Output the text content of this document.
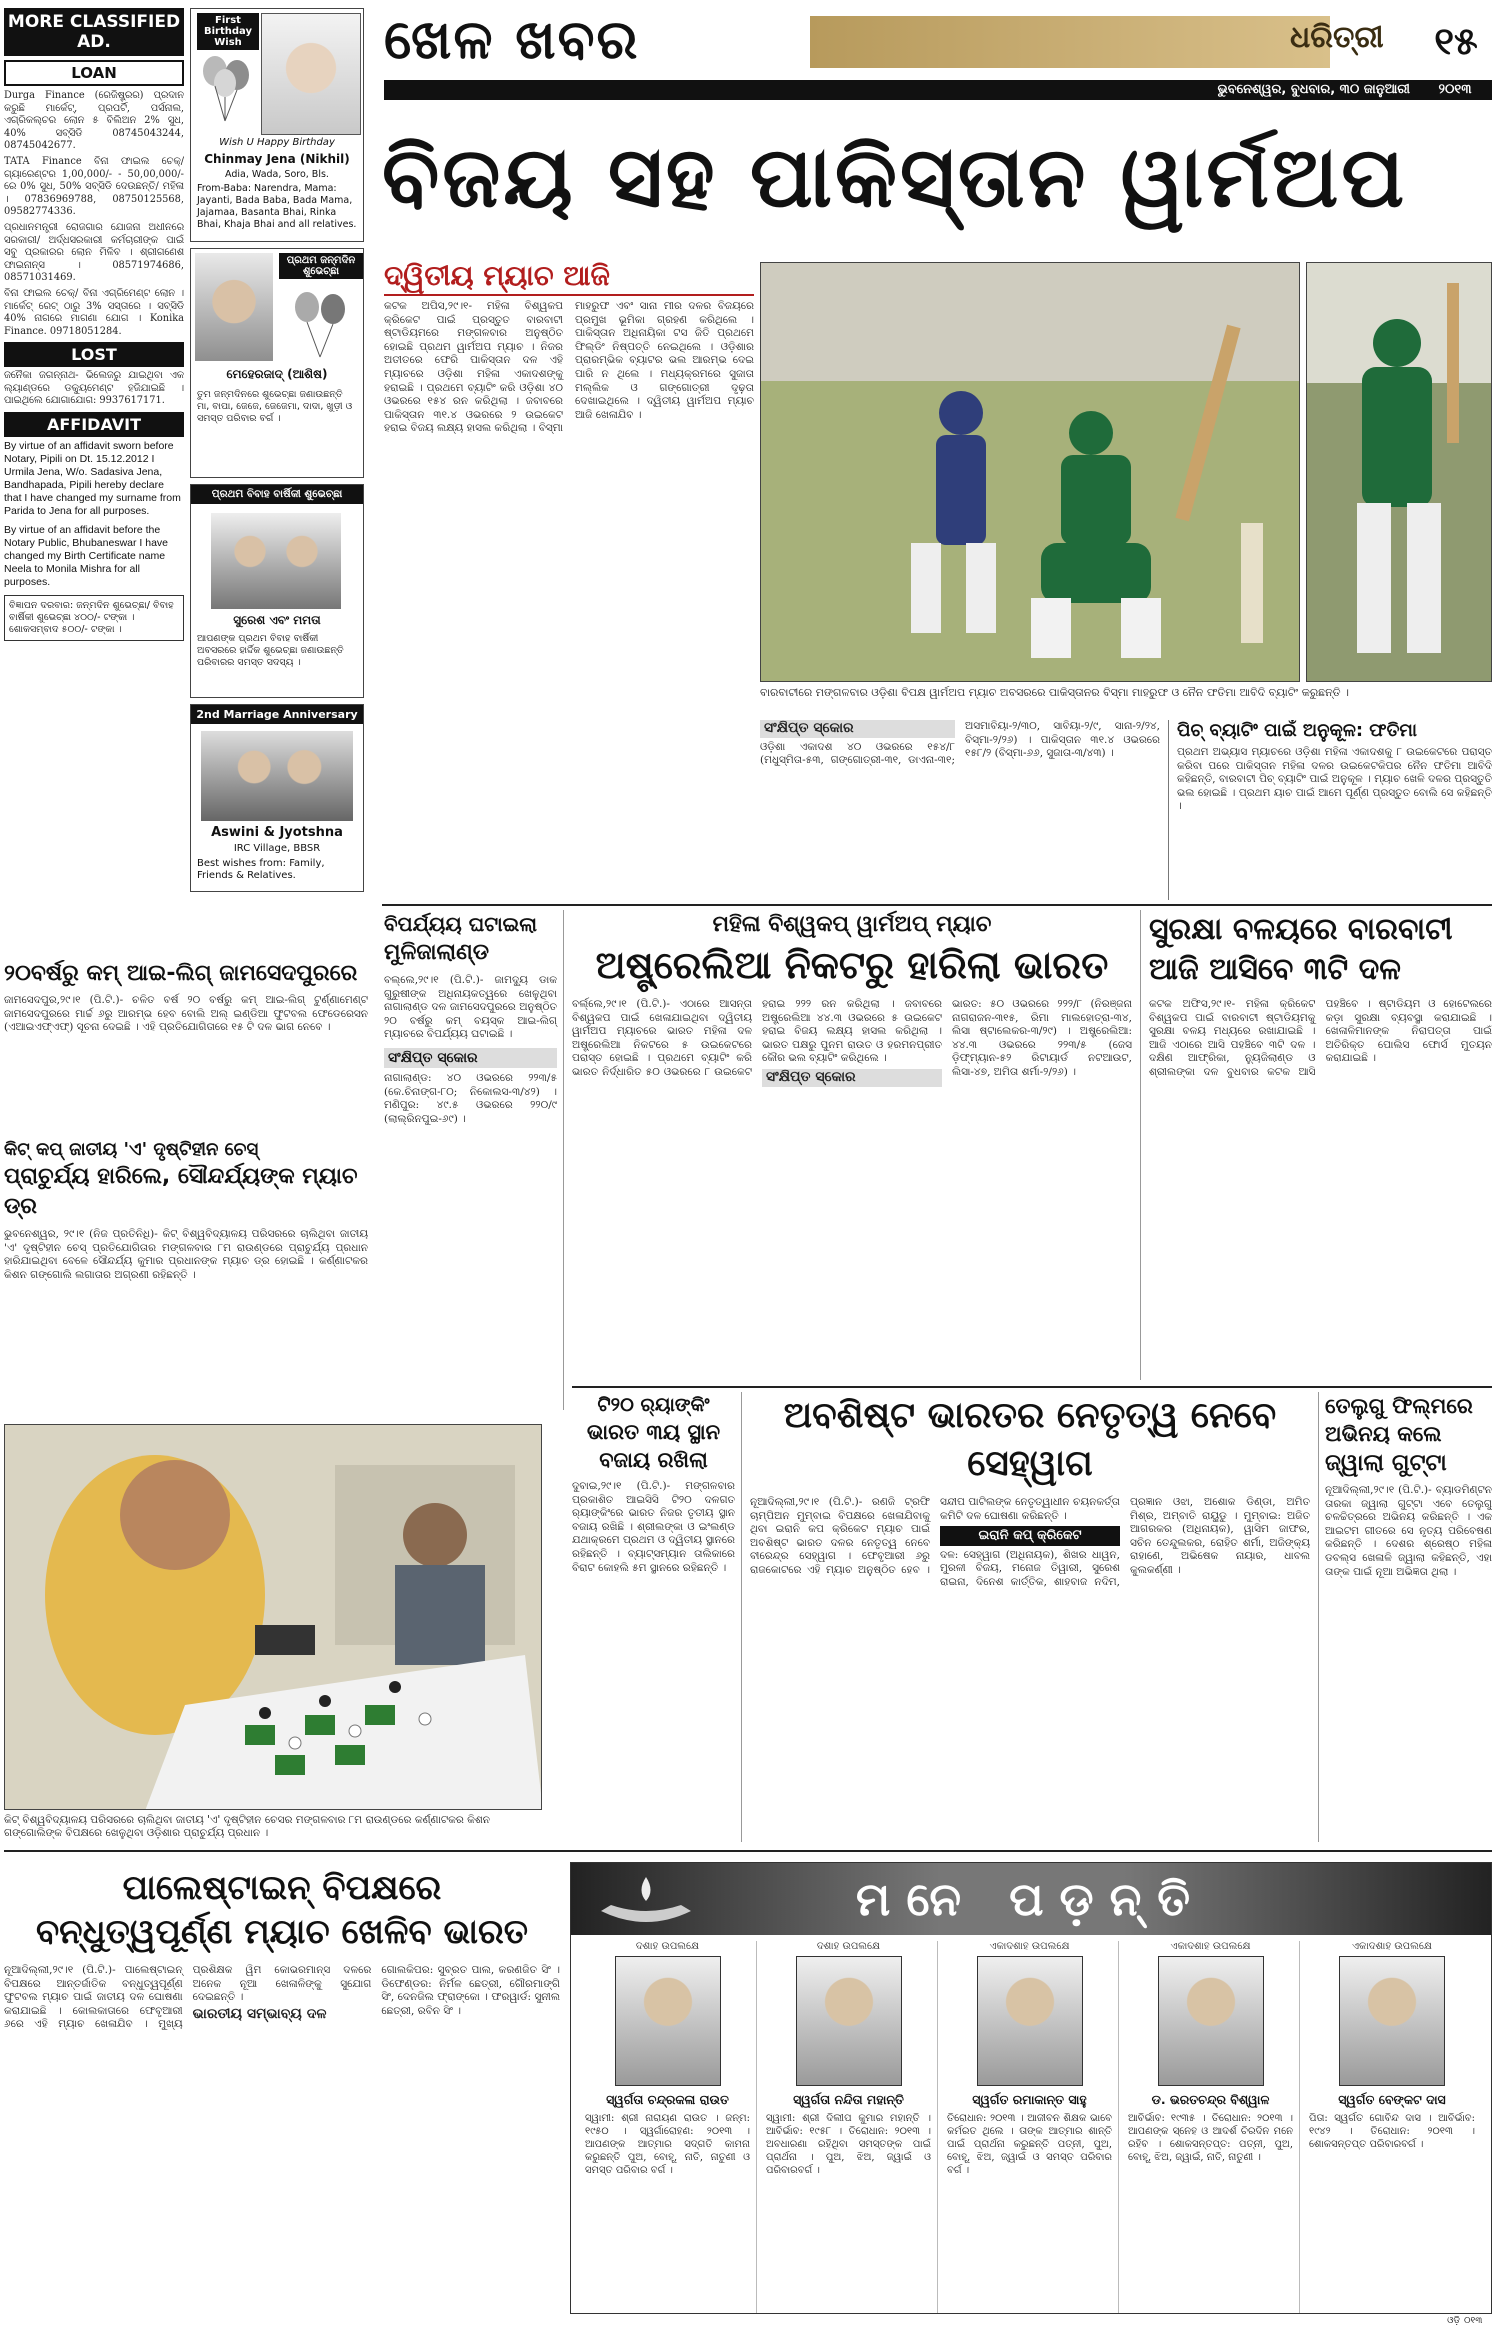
MORE CLASSIFIED AD.
LOAN

Durga Finance (ରେଜିଷ୍ଟ୍ରର) ପ୍ରଦାନ କରୁଛି ମାର୍କେଟ୍, ପ୍ରପର୍ଟି, ପର୍ସନାଲ, ଏଗ୍ରିକଲ୍ଚର ଲୋନ ୫ ବିଲିଅନ 2% ସୁଧ, 40% ସବ୍‌ସିଡି 08745043244, 08745042677.

TATA Finance ବିନା ଫାଇଲ ଚେକ୍/ ଗ୍ୟାରେଣ୍ଟର 1,00,000/- - 50,00,000/- ରେ 0% ସୁଧ, 50% ସବ୍‌ସିଡି ଦେଉଛନ୍ତି/ ମହିଳା । 07836969788, 08750125568, 09582774336.

ପ୍ରଧାନମନ୍ତ୍ରୀ ରୋଜଗାର ଯୋଜନା ଅଧୀନରେ ସରକାରୀ/ ଅର୍ଦ୍ଧସରକାରୀ କର୍ମଚାରୀଙ୍କ ପାଇଁ ସବୁ ପ୍ରକାରର ଲୋନ ମିଳିବ । ଶ୍ରୀଗଣେଶ ଫାଇନାନ୍ସ । 08571974686, 08571031469.

ବିନା ଫାଇଲ ଚେକ୍/ ବିନା ଏଗ୍ରିମେଣ୍ଟ ଲୋନ । ମାର୍କେଟ୍ ରେଟ୍ ଠାରୁ 3% ସସ୍ତାରେ । ସବ୍‌ସିଡି 40% ନାଗରେ ମାଗଣା ଯୋଗ । Konika Finance. 09718051284.

LOST

ଜନୈକା ଜଗନ୍ନାଥ- ଭିଲେଜରୁ ଯାଇଥିବା ଏକ ଲ୍ୟାଣ୍ଡରେ ଡକ୍ୟୁମେଣ୍ଟ ହଜିଯାଇଛି । ପାଇଥିଲେ ଯୋଗାଯୋଗ: 9937617171.

AFFIDAVIT

By virtue of an affidavit sworn before Notary, Pipili on Dt. 15.12.2012 I Urmila Jena, W/o. Sadasiva Jena, Bandhapada, Pipili hereby declare that I have changed my surname from Parida to Jena for all purposes.

By virtue of an affidavit before the Notary Public, Bhubaneswar I have changed my Birth Certificate name Neela to Monila Mishra for all purposes.

ବିଜ୍ଞାପନ ଦରବାର: ଜନ୍ମଦିନ ଶୁଭେଚ୍ଛା/ ବିବାହ ବାର୍ଷିକୀ ଶୁଭେଚ୍ଛା ୪୦୦/- ଟଙ୍କା । ଶୋକସମ୍ବାଦ ୫୦୦/- ଟଙ୍କା ।
First Birthday Wish
Wish U Happy Birthday
Chinmay Jena (Nikhil)
Adia, Wada, Soro, Bls.
From-Baba: Narendra, Mama: Jayanti, Bada Baba, Bada Mama, Jajamaa, Basanta Bhai, Rinka Bhai, Khaja Bhai and all relatives.
ପ୍ରଥମ ଜନ୍ମଦିନ ଶୁଭେଚ୍ଛା
ମେହେରଜାଦ୍ (ଆଶିଷ)
ତୁମ ଜନ୍ମଦିନରେ ଶୁଭେଚ୍ଛା ଜଣାଉଛନ୍ତି ମା, ବାପା, ଜେଜେ, ଜେଜେମା, ଦାଦା, ଖୁଡ଼ୀ ଓ ସମସ୍ତ ପରିବାର ବର୍ଗ ।
ପ୍ରଥମ ବିବାହ ବାର୍ଷିକୀ ଶୁଭେଚ୍ଛା
ସୁରେଶ ଏବଂ ମମତା
ଆପଣଙ୍କ ପ୍ରଥମ ବିବାହ ବାର୍ଷିକୀ ଅବସରରେ ହାର୍ଦ୍ଦିକ ଶୁଭେଚ୍ଛା ଜଣାଉଛନ୍ତି ପରିବାରର ସମସ୍ତ ସଦସ୍ୟ ।
2nd Marriage Anniversary
Aswini & Jyotshna
IRC Village, BBSR
Best wishes from: Family, Friends & Relatives.
ଖେଳ ଖବର	ଧରିତ୍ରୀ	୧୫
ଭୁବନେଶ୍ୱର, ବୁଧବାର, ୩୦ ଜାନୁଆରୀ	୨୦୧୩
ବିଜୟ ସହ ପାକିସ୍ତାନ ୱାର୍ମଅପ
ଦ୍ୱିତୀୟ ମ୍ୟାଚ ଆଜି

କଟକ ଅପିସ,୨୯।୧- ମହିଳା ବିଶ୍ୱକପ କ୍ରିକେଟ ପାଇଁ ପ୍ରସ୍ତୁତ ବାରବାଟୀ ଷ୍ଟାଡିୟମରେ ମଙ୍ଗଳବାର ଅନୁଷ୍ଠିତ ହୋଇଛି ପ୍ରଥମ ୱାର୍ମଅପ ମ୍ୟାଚ । ନିଜର ଅତୀତରେ ଫେରି ପାକିସ୍ତାନ ଦଳ ଏହି ମ୍ୟାଚରେ ଓଡ଼ିଶା ମହିଳା ଏକାଦଶଙ୍କୁ ହରାଇଛି । ପ୍ରଥମେ ବ୍ୟାଟିଂ କରି ଓଡ଼ିଶା ୪୦ ଓଭରରେ ୧୫୪ ରନ କରିଥିଲା । ଜବାବରେ ପାକିସ୍ତାନ ୩୧.୪ ଓଭରରେ ୨ ଉଇକେଟ ହରାଇ ବିଜୟ ଲକ୍ଷ୍ୟ ହାସଲ କରିଥିଲା । ବିସ୍ମା ମାହରୁଫ ଏବଂ ସାନା ମୀର ଦଳର ବିଜୟରେ ପ୍ରମୁଖ ଭୂମିକା ଗ୍ରହଣ କରିଥିଲେ । ପାକିସ୍ତାନ ଅଧିନାୟିକା ଟସ ଜିତି ପ୍ରଥମେ ଫିଲ୍ଡିଂ ନିଷ୍ପତ୍ତି ନେଇଥିଲେ । ଓଡ଼ିଶାର ପ୍ରାରମ୍ଭିକ ବ୍ୟାଟର ଭଲ ଆରମ୍ଭ ଦେଇ ପାରି ନ ଥିଲେ । ମଧ୍ୟକ୍ରମରେ ସୁଜାତା ମଲ୍ଲିକ ଓ ଗଙ୍ଗୋତ୍ରୀ ଦୃଢ଼ତା ଦେଖାଇଥିଲେ । ଦ୍ୱିତୀୟ ୱାର୍ମଅପ ମ୍ୟାଚ ଆଜି ଖେଳାଯିବ ।

ବାରବାଟୀରେ ମଙ୍ଗଳବାର ଓଡ଼ିଶା ବିପକ୍ଷ ୱାର୍ମଅପ ମ୍ୟାଚ ଅବସରରେ ପାକିସ୍ତାନର ବିସ୍ମା ମାହରୁଫ ଓ ନୈନ ଫତିମା ଆବିଦି ବ୍ୟାଟିଂ କରୁଛନ୍ତି ।

ସଂକ୍ଷିପ୍ତ ସ୍କୋର

ଓଡ଼ିଶା ଏକାଦଶ ୪୦ ଓଭରରେ ୧୫୪/୮ (ମଧୁସ୍ମିତା-୫୩, ଗଙ୍ଗୋତ୍ରୀ-୩୧, ଡାଏନା-୩୧; ଅସମାବିୟା-୨/୩୦, ସାବିୟା-୨/୯, ସାନା-୨/୨୪, ବିସ୍ମା-୨/୨୬) । ପାକିସ୍ତାନ ୩୧.୪ ଓଭରରେ ୧୫୮/୨ (ବିସ୍ମା-୬୬, ସୁଜାତା-୩/୪୩) ।

ପିଚ୍ ବ୍ୟାଟିଂ ପାଇଁ ଅନୁକୂଳ: ଫତିମା
ପ୍ରଥମ ଅଭ୍ୟାସ ମ୍ୟାଚରେ ଓଡ଼ିଶା ମହିଳା ଏକାଦଶକୁ ୮ ଉଇକେଟରେ ପରାସ୍ତ କରିବା ପରେ ପାକିସ୍ତାନ ମହିଳା ଦଳର ଉଇକେଟକିପର ନୈନ ଫତିମା ଆବିଦି କହିଛନ୍ତି, ବାରବାଟୀ ପିଚ୍ ବ୍ୟାଟିଂ ପାଇଁ ଅନୁକୂଳ । ମ୍ୟାଚ ଖେଳି ଦଳର ପ୍ରସ୍ତୁତି ଭଲ ହୋଇଛି । ପ୍ରଥମ ୟାଚ ପାଇଁ ଆମେ ପୂର୍ଣ୍ଣ ପ୍ରସ୍ତୁତ ବୋଲି ସେ କହିଛନ୍ତି ।
୨୦ବର୍ଷରୁ କମ୍ ଆଇ-ଲିଗ୍ ଜାମସେଦପୁରରେ
ଜାମସେଦପୁର,୨୯।୧ (ପି.ଟି.)- ଚଳିତ ବର୍ଷ ୨୦ ବର୍ଷରୁ କମ୍ ଆଇ-ଲିଗ୍ ଟୁର୍ଣ୍ଣାମେଣ୍ଟ ଜାମସେଦପୁରରେ ମାର୍ଚ୍ଚ ୬ରୁ ଆରମ୍ଭ ହେବ ବୋଲି ଅଲ୍ ଇଣ୍ଡିଆ ଫୁଟବଲ ଫେଡେରେସନ (ଏଆଇଏଫ୍ଏଫ୍) ସୂଚନା ଦେଇଛି । ଏହି ପ୍ରତିଯୋଗିତାରେ ୧୫ ଟି ଦଳ ଭାଗ ନେବେ ।
କିଟ୍ କପ୍ ଜାତୀୟ 'ଏ' ଦୃଷ୍ଟିହୀନ ଚେସ୍
ପ୍ରାଚୁର୍ଯ୍ୟ ହାରିଲେ, ସୌନ୍ଦର୍ଯ୍ୟଙ୍କ ମ୍ୟାଚ ଡ୍ର
ଭୁବନେଶ୍ୱର, ୨୯।୧ (ନିଜ ପ୍ରତିନିଧି)- କିଟ୍ ବିଶ୍ୱବିଦ୍ୟାଳୟ ପରିସରରେ ଚାଲିଥିବା ଜାତୀୟ 'ଏ' ଦୃଷ୍ଟିହୀନ ଚେସ୍ ପ୍ରତିଯୋଗିତାର ମଙ୍ଗଳବାର ୮ମ ରାଉଣ୍ଡରେ ପ୍ରାଚୁର୍ଯ୍ୟ ପ୍ରଧାନ ହାରିଯାଇଥିବା ବେଳେ ସୌନ୍ଦର୍ଯ୍ୟ କୁମାର ପ୍ରଧାନଙ୍କ ମ୍ୟାଚ ଡ୍ର ହୋଇଛି । କର୍ଣ୍ଣାଟକର କିଶନ ଗଙ୍ଗୋଲି ଲଗାତାର ଅଗ୍ରଣୀ ରହିଛନ୍ତି ।
କିଟ୍ ବିଶ୍ୱବିଦ୍ୟାଳୟ ପରିସରରେ ଚାଲିଥିବା ଜାତୀୟ 'ଏ' ଦୃଷ୍ଟିହୀନ ଚେସର ମଙ୍ଗଳବାର ୮ମ ରାଉଣ୍ଡରେ କର୍ଣ୍ଣାଟକର କିଶନ ଗଙ୍ଗୋଲିଙ୍କ ବିପକ୍ଷରେ ଖେଳୁଥିବା ଓଡ଼ିଶାର ପ୍ରାଚୁର୍ଯ୍ୟ ପ୍ରଧାନ ।
ବିପର୍ଯ୍ୟୟ ଘଟାଇଲା
ମୁଳିଜାଲାଣ୍ଡ
ବଲ୍ଲେ,୨୯।୧ (ପି.ଟି.)- ଜାମଦ୍ୟୁ ଡାକ ଗୁରୁଷୀଙ୍କ ଅଧିନାୟକତ୍ୱରେ ଖେଳୁଥିବା ନାଗାଲାଣ୍ଡ ଦଳ ଜାମସେଦପୁରରେ ଅନୁଷ୍ଠିତ ୨୦ ବର୍ଷରୁ କମ୍ ବୟସ୍କ ଆଇ-ଲିଗ୍ ମ୍ୟାଚରେ ବିପର୍ଯ୍ୟୟ ଘଟାଇଛି ।
ସଂକ୍ଷିପ୍ତ ସ୍କୋର
ନାଗାଲାଣ୍ଡ: ୪୦ ଓଭରରେ ୨୨୩/୫ (କେ.ଚିନାଙ୍ଗ-୮୦; ନିକୋଲସ-୩/୪୨) । ମଣିପୁର: ୪୯.୫ ଓଭରରେ ୨୨୦/୯ (ଲାଲ୍ରିନପୁଇ-୬୯) ।
ମହିଳା ବିଶ୍ୱକପ୍ ୱାର୍ମଅପ୍ ମ୍ୟାଚ
ଅଷ୍ଟ୍ରେଲିଆ ନିକଟରୁ ହାରିଲା ଭାରତ

ବର୍ଲ୍ଲେ,୨୯।୧ (ପି.ଟି.)- ଏଠାରେ ଆସନ୍ତା ବିଶ୍ୱକପ ପାଇଁ ଖେଳାଯାଇଥିବା ଦ୍ୱିତୀୟ ୱାର୍ମଅପ ମ୍ୟାଚରେ ଭାରତ ମହିଳା ଦଳ ଅଷ୍ଟ୍ରେଲିଆ ନିକଟରେ ୫ ଉଇକେଟରେ ପରାସ୍ତ ହୋଇଛି । ପ୍ରଥମେ ବ୍ୟାଟିଂ କରି ଭାରତ ନିର୍ଦ୍ଧାରିତ ୫୦ ଓଭରରେ ୮ ଉଇକେଟ ହରାଇ ୨୨୨ ରନ କରିଥିଲା । ଜବାବରେ ଅଷ୍ଟ୍ରେଲିଆ ୪୪.୩ ଓଭରରେ ୫ ଉଇକେଟ ହରାଇ ବିଜୟ ଲକ୍ଷ୍ୟ ହାସଲ କରିଥିଲା । ଭାରତ ପକ୍ଷରୁ ପୁନମ ରାଉତ ଓ ହରମନପ୍ରୀତ କୌର ଭଲ ବ୍ୟାଟିଂ କରିଥିଲେ ।

ସଂକ୍ଷିପ୍ତ ସ୍କୋର

ଭାରତ: ୫୦ ଓଭରରେ ୨୨୨/୮ (ନିରଞ୍ଜନା ନାଗରାଜନ-୩୧୫, ରିମା ମାଲହୋତ୍ରା-୩୪, ଲିସା ଷ୍ଟାଲେକର-୩/୨୯) । ଅଷ୍ଟ୍ରେଲିଆ: ୪୪.୩ ଓଭରରେ ୨୨୩/୫ (ଜେସ ଡ଼ିଫ୍‌ମ୍ୟାନ-୫୨ ରିଟାୟାର୍ଡ ନଟଆଉଟ, ଲିସା-୪୭, ଅମିତା ଶର୍ମା-୨/୨୬) ।

ସୁରକ୍ଷା ବଳୟରେ ବାରବାଟୀ
ଆଜି ଆସିବେ ୩ଟି ଦଳ
କଟକ ଅଫିସ,୨୯।୧- ମହିଳା କ୍ରିକେଟ ବିଶ୍ୱକପ ପାଇଁ ବାରବାଟୀ ଷ୍ଟାଡିୟମକୁ ସୁରକ୍ଷା ବଳୟ ମଧ୍ୟରେ ରଖାଯାଇଛି । ଆଜି ଏଠାରେ ଆସି ପହଞ୍ଚିବେ ୩ଟି ଦଳ । ଦକ୍ଷିଣ ଆଫ୍ରିକା, ନ୍ୟୁଜିଲାଣ୍ଡ ଓ ଶ୍ରୀଲଙ୍କା ଦଳ ବୁଧବାର କଟକ ଆସି ପହଞ୍ଚିବେ । ଷ୍ଟାଡିୟମ ଓ ହୋଟେଲରେ କଡ଼ା ସୁରକ୍ଷା ବ୍ୟବସ୍ଥା କରାଯାଇଛି । ଖେଳାଳିମାନଙ୍କ ନିରାପତ୍ତା ପାଇଁ ଅତିରିକ୍ତ ପୋଲିସ ଫୋର୍ସ ମୁତୟନ କରାଯାଇଛି ।
ଟି୨୦ ର‌୍ୟାଙ୍କିଂ
ଭାରତ ୩ୟ ସ୍ଥାନ
ବଜାୟ ରଖିଲା
ଦୁବାଇ,୨୯।୧ (ପି.ଟି.)- ମଙ୍ଗଳବାର ପ୍ରକାଶିତ ଆଇସିସି ଟି୨୦ ଦଳଗତ ର‌୍ୟାଙ୍କିଂରେ ଭାରତ ନିଜର ତୃତୀୟ ସ୍ଥାନ ବଜାୟ ରଖିଛି । ଶ୍ରୀଲଙ୍କା ଓ ଇଂଲଣ୍ଡ ଯଥାକ୍ରମେ ପ୍ରଥମ ଓ ଦ୍ୱିତୀୟ ସ୍ଥାନରେ ରହିଛନ୍ତି । ବ୍ୟାଟ୍ସମ୍ୟାନ ତାଲିକାରେ ବିରାଟ କୋହଲି ୫ମ ସ୍ଥାନରେ ରହିଛନ୍ତି ।
ଅବଶିଷ୍ଟ ଭାରତର ନେତୃତ୍ୱ ନେବେ ସେହ୍ୱାଗ

ନୂଆଦିଲ୍ଲୀ,୨୯।୧ (ପି.ଟି.)- ରଣଜି ଟ୍ରଫି ଚାମ୍ପିଅନ ମୁମ୍ବାଇ ବିପକ୍ଷରେ ଖେଳାଯିବାକୁ ଥିବା ଇରାନି କପ କ୍ରିକେଟ ମ୍ୟାଚ ପାଇଁ ଅବଶିଷ୍ଟ ଭାରତ ଦଳର ନେତୃତ୍ୱ ନେବେ ବୀରେନ୍ଦ୍ର ସେହ୍ୱାଗ । ଫେବୃଆରୀ ୬ରୁ ରାଜକୋଟରେ ଏହି ମ୍ୟାଚ ଅନୁଷ୍ଠିତ ହେବ । ସନ୍ଦୀପ ପାଟିଲଙ୍କ ନେତୃତ୍ୱାଧୀନ ଚୟନକର୍ତ୍ତା କମିଟି ଦଳ ଘୋଷଣା କରିଛନ୍ତି ।

ଇରାନି କପ୍ କ୍ରିକେଟ

ଦଳ: ସେହ୍ୱାଗ (ଅଧିନାୟକ), ଶିଖର ଧାୱନ, ମୁରଳୀ ବିଜୟ, ମନୋଜ ତିୱାରୀ, ସୁରେଶ ରାଇନା, ଦିନେଶ କାର୍ତ୍ତିକ, ଶାହବାଜ ନଦିମ, ପ୍ରଜ୍ଞାନ ଓଝା, ଅଶୋକ ଡିଣ୍ଡା, ଅମିତ ମିଶ୍ର, ଅମ୍ବାତି ରାୟୁଡୁ । ମୁମ୍ବାଇ: ଅଜିତ ଆଗରକର (ଅଧିନାୟକ), ୱାସିମ ଜାଫର, ସଚିନ ତେନ୍ଦୁଲକର, ରୋହିତ ଶର୍ମା, ଅଜିଙ୍କ୍ୟ ରାହାଣେ, ଅଭିଷେକ ନାୟାର, ଧାବଲ କୁଲକର୍ଣ୍ଣୀ ।

ତେଲୁଗୁ ଫିଲ୍ମରେ
ଅଭିନୟ କଲେ
ଜ୍ୱାଲା ଗୁଟ୍ଟା
ନୂଆଦିଲ୍ଲୀ,୨୯।୧ (ପି.ଟି.)- ବ୍ୟାଡମିଣ୍ଟନ ତାରକା ଜ୍ୱାଲା ଗୁଟ୍ଟା ଏବେ ତେଲୁଗୁ ଚଳଚ୍ଚିତ୍ରରେ ଅଭିନୟ କରିଛନ୍ତି । ଏକ ଆଇଟମ ଗୀତରେ ସେ ନୃତ୍ୟ ପରିବେଷଣ କରିଛନ୍ତି । ଦେଶର ଶ୍ରେଷ୍ଠ ମହିଳା ଡବଲ୍ସ ଖେଳାଳି ଜ୍ୱାଲା କହିଛନ୍ତି, ଏହା ତାଙ୍କ ପାଇଁ ନୂଆ ଅଭିଜ୍ଞତା ଥିଲା ।
ପାଲେଷ୍ଟାଇନ୍ ବିପକ୍ଷରେ
ବନ୍ଧୁତ୍ୱପୂର୍ଣ୍ଣ ମ୍ୟାଚ ଖେଳିବ ଭାରତ

ନୂଆଦିଲ୍ଲୀ,୨୯।୧ (ପି.ଟି.)- ପାଲେଷ୍ଟାଇନ୍ ବିପକ୍ଷରେ ଆନ୍ତର୍ଜାତିକ ବନ୍ଧୁତ୍ୱପୂର୍ଣ୍ଣ ଫୁଟବଲ ମ୍ୟାଚ ପାଇଁ ଜାତୀୟ ଦଳ ଘୋଷଣା କରାଯାଇଛି । କୋଲକାତାରେ ଫେବୃଆରୀ ୬ରେ ଏହି ମ୍ୟାଚ ଖେଳାଯିବ । ମୁଖ୍ୟ ପ୍ରଶିକ୍ଷକ ୱିମ କୋଭରମାନ୍ସ ଦଳରେ ଅନେକ ନୂଆ ଖେଳାଳିଙ୍କୁ ସୁଯୋଗ ଦେଇଛନ୍ତି ।

ଭାରତୀୟ ସମ୍ଭାବ୍ୟ ଦଳ

ଗୋଲକିପର: ସୁବ୍ରତ ପାଲ, କରଣଜିତ ସିଂ । ଡିଫେଣ୍ଡର: ନିର୍ମଳ ଛେତ୍ରୀ, ଗୌରମାଙ୍ଗି ସିଂ, ଦେନଜିଲ ଫ୍ରାଙ୍କୋ । ଫରୱାର୍ଡ: ସୁନୀଲ ଛେତ୍ରୀ, ରବିନ ସିଂ ।

ମନେ ପଡ଼ନ୍ତି
ଦଶାହ ଉପଲକ୍ଷେ
ସ୍ୱର୍ଗତା ଚନ୍ଦ୍ରକଳା ରାଉତ
ସ୍ୱାମୀ: ଶ୍ରୀ ନାରାୟଣ ରାଉତ । ଜନ୍ମ: ୧୯୫୦ । ସ୍ୱର୍ଗାରୋହଣ: ୨୦୧୩ । ଆପଣଙ୍କ ଆତ୍ମାର ସଦ୍ଗତି କାମନା କରୁଛନ୍ତି ପୁଅ, ବୋହୂ, ନାତି, ନାତୁଣୀ ଓ ସମସ୍ତ ପରିବାର ବର୍ଗ ।
ଦଶାହ ଉପଲକ୍ଷେ
ସ୍ୱର୍ଗତା ନନ୍ଦିତା ମହାନ୍ତି
ସ୍ୱାମୀ: ଶ୍ରୀ ଦିଲୀପ କୁମାର ମହାନ୍ତି । ଆବିର୍ଭାବ: ୧୯୫୮ । ତିରୋଧାନ: ୨୦୧୩ । ଅବଧାରଣା ରହିଥିବା ସମସ୍ତଙ୍କ ପାଇଁ ପ୍ରାର୍ଥନା । ପୁଅ, ଝିଅ, ଜ୍ୱାଇଁ ଓ ପରିବାରବର୍ଗ ।
ଏକାଦଶାହ ଉପଲକ୍ଷେ
ସ୍ୱର୍ଗତ ରମାକାନ୍ତ ସାହୁ
ତିରୋଧାନ: ୨୦୧୩ । ଆଜୀବନ ଶିକ୍ଷକ ଭାବେ କର୍ମରତ ଥିଲେ । ତାଙ୍କ ଆତ୍ମାର ଶାନ୍ତି ପାଇଁ ପ୍ରାର୍ଥନା କରୁଛନ୍ତି ପତ୍ନୀ, ପୁଅ, ବୋହୂ, ଝିଅ, ଜ୍ୱାଇଁ ଓ ସମସ୍ତ ପରିବାର ବର୍ଗ ।
ଏକାଦଶାହ ଉପଲକ୍ଷେ
ଡ. ଭରତଚନ୍ଦ୍ର ବିଶ୍ୱାଳ
ଆବିର୍ଭାବ: ୧୯୩୫ । ତିରୋଧାନ: ୨୦୧୩ । ଆପଣଙ୍କ ସ୍ନେହ ଓ ଆଦର୍ଶ ଚିରଦିନ ମନେ ରହିବ । ଶୋକସନ୍ତପ୍ତ: ପତ୍ନୀ, ପୁଅ, ବୋହୂ, ଝିଅ, ଜ୍ୱାଇଁ, ନାତି, ନାତୁଣୀ ।
ଏକାଦଶାହ ଉପଲକ୍ଷେ
ସ୍ୱର୍ଗତ ବେଙ୍କଟ ଦାସ
ପିତା: ସ୍ୱର୍ଗତ ଗୋବିନ୍ଦ ଦାସ । ଆବିର୍ଭାବ: ୧୯୪୨ । ତିରୋଧାନ: ୨୦୧୩ । ଶୋକସନ୍ତପ୍ତ ପରିବାରବର୍ଗ ।
ଓଡ଼ି ୦୧୩
